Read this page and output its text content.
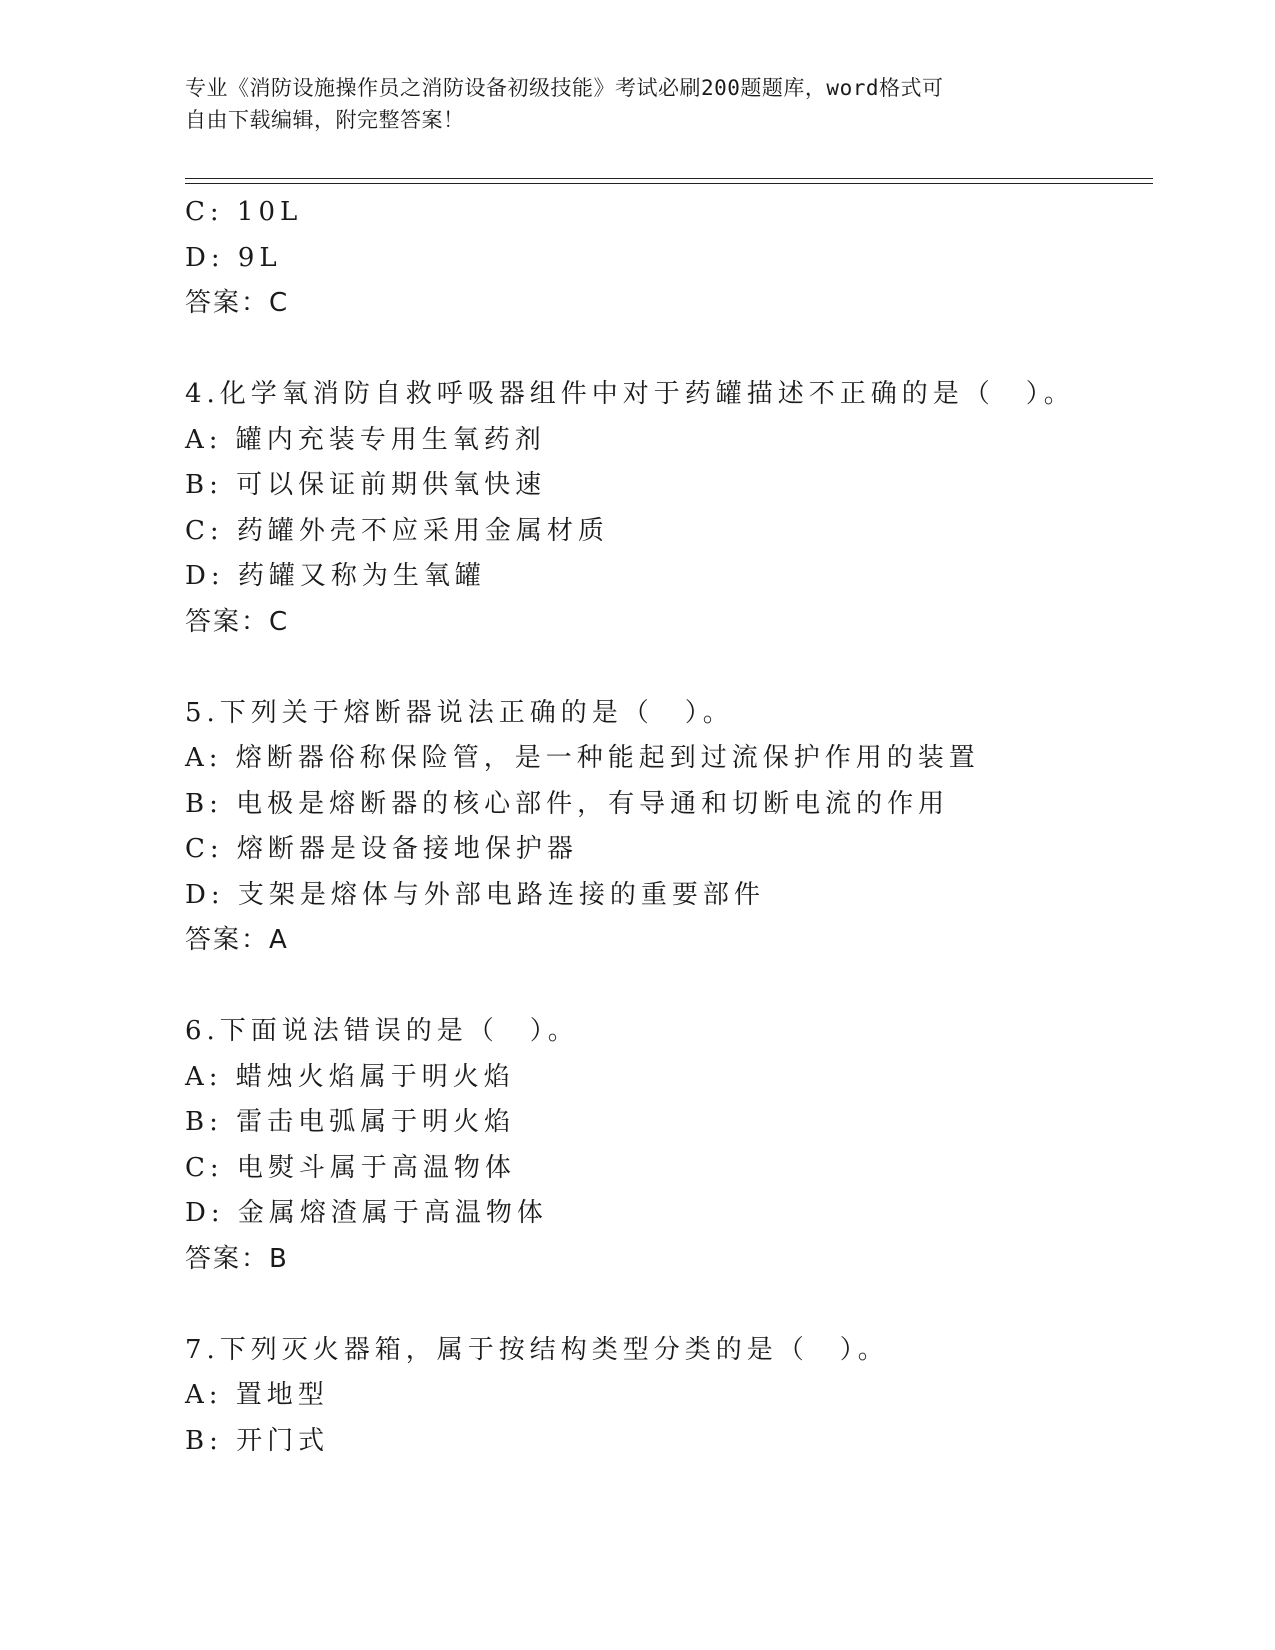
专业《消防设施操作员之消防设备初级技能》考试必刷200题题库，word格式可
自由下载编辑，附完整答案！
C: 10L
D: 9L
答案：C
4.化学氧消防自救呼吸器组件中对于药罐描述不正确的是（　）。
A: 罐内充装专用生氧药剂
B: 可以保证前期供氧快速
C: 药罐外壳不应采用金属材质
D: 药罐又称为生氧罐
答案：C
5.下列关于熔断器说法正确的是（　）。
A: 熔断器俗称保险管，是一种能起到过流保护作用的装置
B: 电极是熔断器的核心部件，有导通和切断电流的作用
C: 熔断器是设备接地保护器
D: 支架是熔体与外部电路连接的重要部件
答案：A
6.下面说法错误的是（　）。
A: 蜡烛火焰属于明火焰
B: 雷击电弧属于明火焰
C: 电熨斗属于高温物体
D: 金属熔渣属于高温物体
答案：B
7.下列灭火器箱，属于按结构类型分类的是（　）。
A: 置地型
B: 开门式
